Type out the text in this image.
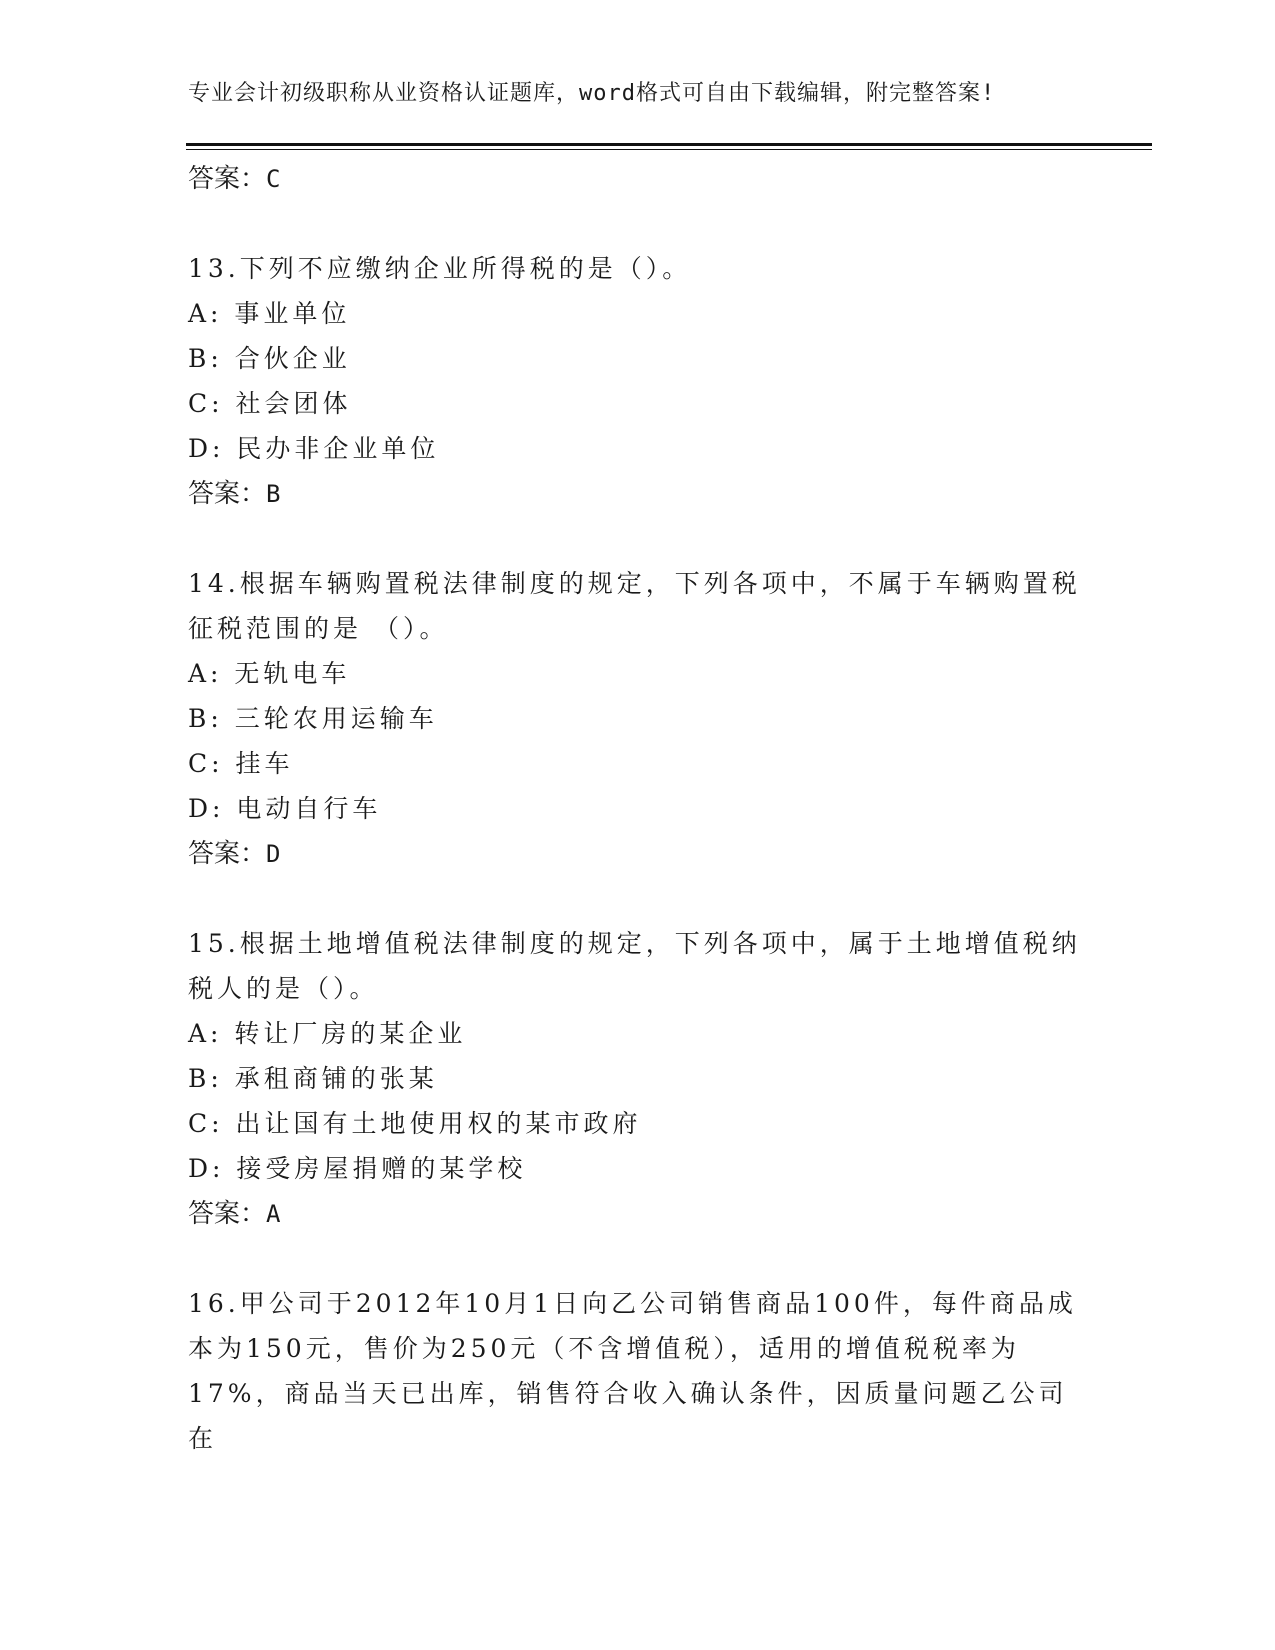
专业会计初级职称从业资格认证题库，word格式可自由下载编辑，附完整答案!
答案：C
13.下列不应缴纳企业所得税的是（）。
A: 事业单位
B: 合伙企业
C: 社会团体
D: 民办非企业单位
答案：B
14.根据车辆购置税法律制度的规定，下列各项中，不属于车辆购置税征税范围的是 （）。
A: 无轨电车
B: 三轮农用运输车
C: 挂车
D: 电动自行车
答案：D
15.根据土地增值税法律制度的规定，下列各项中，属于土地增值税纳税人的是（）。
A: 转让厂房的某企业
B: 承租商铺的张某
C: 出让国有土地使用权的某市政府
D: 接受房屋捐赠的某学校
答案：A
16.甲公司于2012年10月1日向乙公司销售商品100件，每件商品成本为150元，售价为250元（不含增值税），适用的增值税税率为17%，商品当天已出库，销售符合收入确认条件，因质量问题乙公司在
